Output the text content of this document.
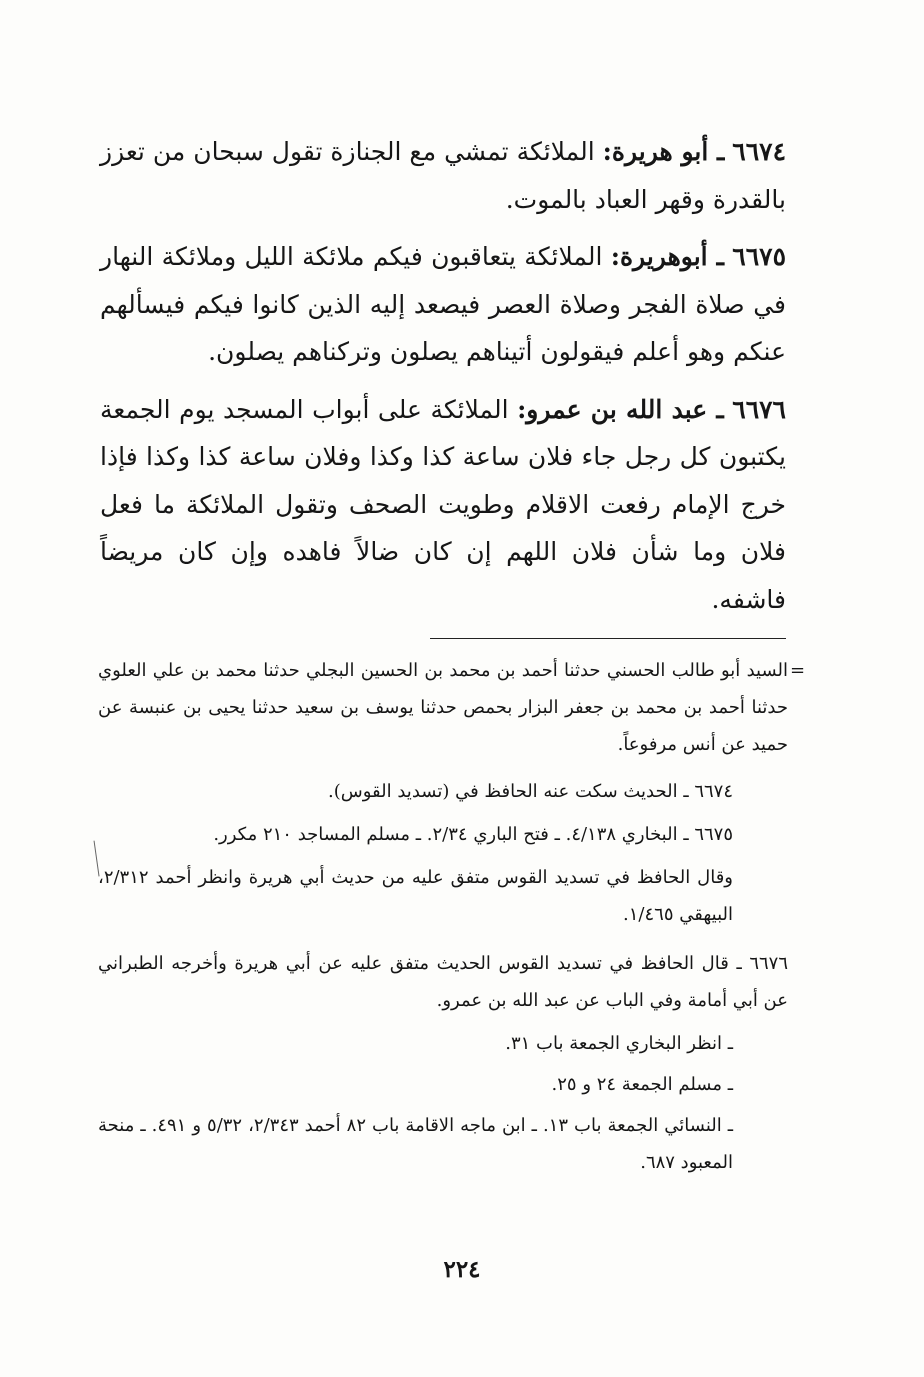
٦٦٧٤ ـ أبو هريرة: الملائكة تمشي مع الجنازة تقول سبحان من تعزز بالقدرة وقهر العباد بالموت.

٦٦٧٥ ـ أبوهريرة: الملائكة يتعاقبون فيكم ملائكة الليل وملائكة النهار في صلاة الفجر وصلاة العصر فيصعد إليه الذين كانوا فيكم فيسألهم عنكم وهو أعلم فيقولون أتيناهم يصلون وتركناهم يصلون.

٦٦٧٦ ـ عبد الله بن عمرو: الملائكة على أبواب المسجد يوم الجمعة يكتبون كل رجل جاء فلان ساعة كذا وكذا وفلان ساعة كذا وكذا فإذا خرج الإمام رفعت الاقلام وطويت الصحف وتقول الملائكة ما فعل فلان وما شأن فلان اللهم إن كان ضالاً فاهده وإن كان مريضاً فاشفه.

=

السيد أبو طالب الحسني حدثنا أحمد بن محمد بن الحسين البجلي حدثنا محمد بن علي العلوي حدثنا أحمد بن محمد بن جعفر البزار بحمص حدثنا يوسف بن سعيد حدثنا يحيى بن عنبسة عن حميد عن أنس مرفوعاً.

٦٦٧٤ ـ الحديث سكت عنه الحافظ في (تسديد القوس).

٦٦٧٥ ـ البخاري ٤/١٣٨. ـ فتح الباري ٢/٣٤. ـ مسلم المساجد ٢١٠ مكرر.

وقال الحافظ في تسديد القوس متفق عليه من حديث أبي هريرة وانظر أحمد ٢/٣١٢، البيهقي ١/٤٦٥.

٦٦٧٦ ـ قال الحافظ في تسديد القوس الحديث متفق عليه عن أبي هريرة وأخرجه الطبراني عن أبي أمامة وفي الباب عن عبد الله بن عمرو.

ـ انظر البخاري الجمعة باب ٣١.

ـ مسلم الجمعة ٢٤ و ٢٥.

ـ النسائي الجمعة باب ١٣. ـ ابن ماجه الاقامة باب ٨٢ أحمد ٢/٣٤٣، ٥/٣٢ و ٤٩١. ـ منحة المعبود ٦٨٧.

٢٢٤
